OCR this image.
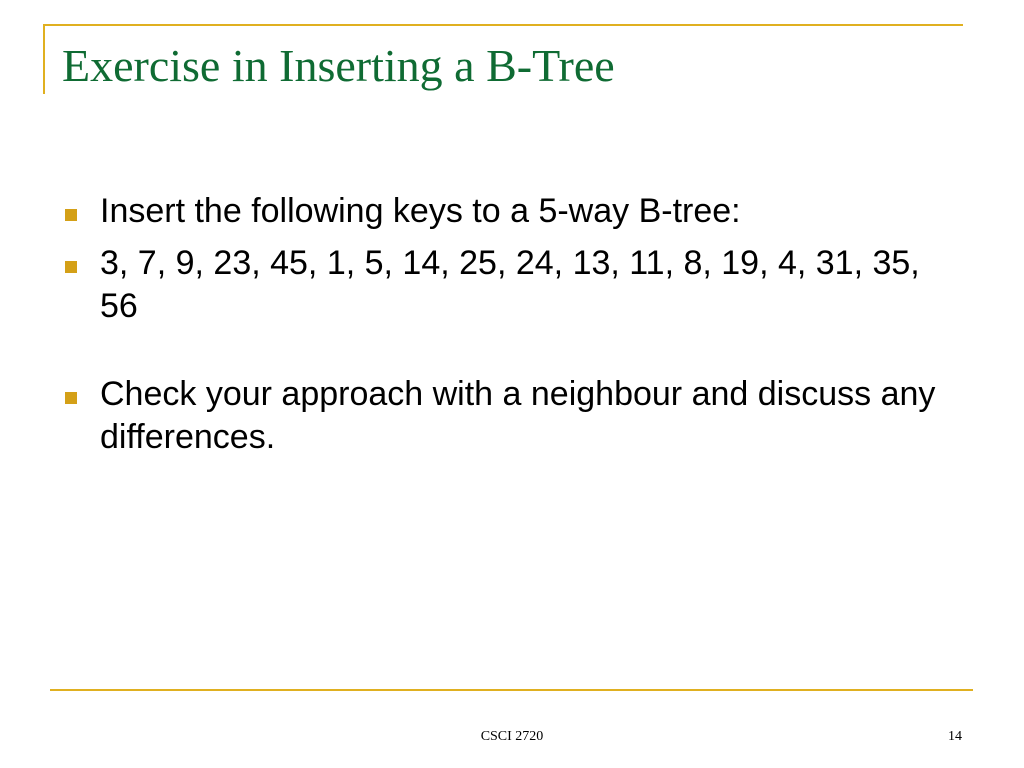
Exercise in Inserting a B-Tree
Insert the following keys to a 5-way B-tree:
3, 7, 9, 23, 45, 1, 5, 14, 25, 24, 13, 11, 8, 19, 4, 31, 35, 56
Check your approach with a neighbour and discuss any differences.
CSCI 2720	14
